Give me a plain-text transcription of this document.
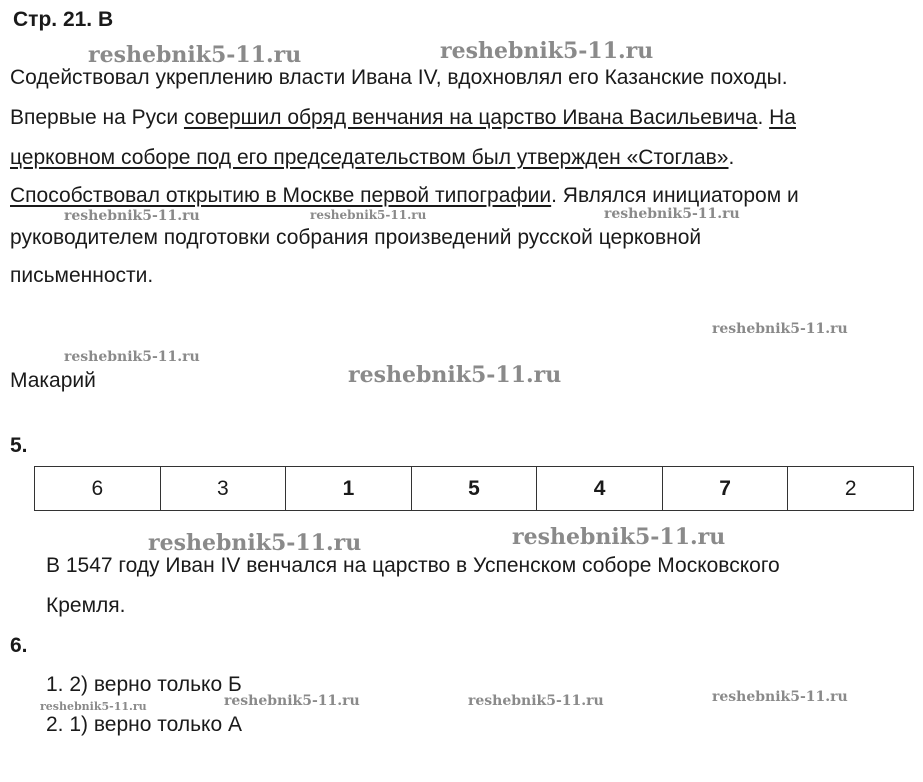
Стр. 21. В
reshebnik5-11.ru	reshebnik5-11.ru
reshebnik5-11.ru	reshebnik5-11.ru	reshebnik5-11.ru
reshebnik5-11.ru
reshebnik5-11.ru
reshebnik5-11.ru
reshebnik5-11.ru	reshebnik5-11.ru
reshebnik5-11.ru	reshebnik5-11.ru	reshebnik5-11.ru	reshebnik5-11.ru
Содействовал укреплению власти Ивана IV, вдохновлял его Казанские походы.
Впервые на Руси совершил обряд венчания на царство Ивана Васильевича. На
церковном соборе под его председательством был утвержден «Стоглав».
Способствовал открытию в Москве первой типографии. Являлся инициатором и
руководителем подготовки собрания произведений русской церковной
письменности.
Макарий
5.
6	3	1	5	4	7	2
В 1547 году Иван IV венчался на царство в Успенском соборе Московского
Кремля.
6.
1. 2) верно только Б
2. 1) верно только А
